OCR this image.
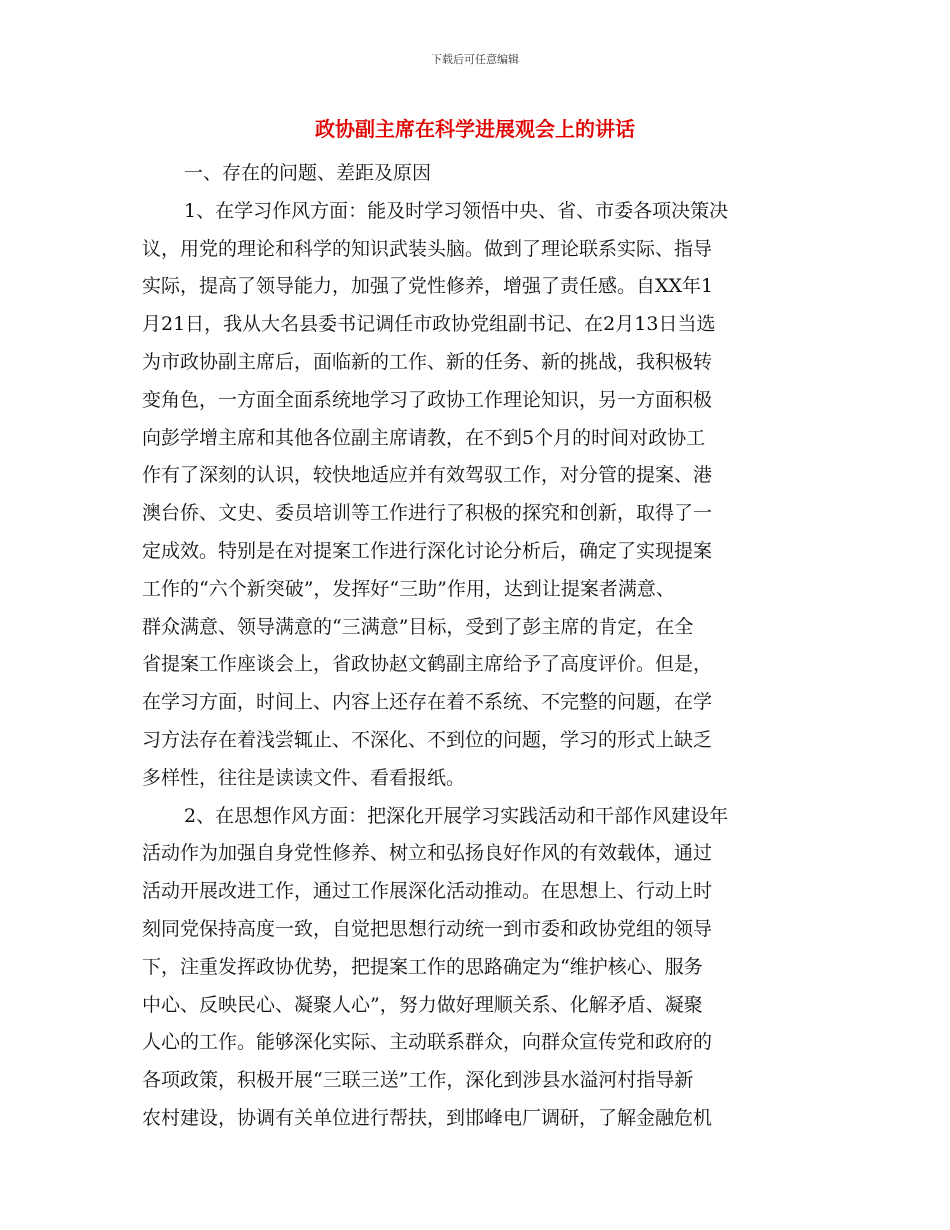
下载后可任意编辑
政协副主席在科学进展观会上的讲话
一、存在的问题、差距及原因
1、在学习作风方面：能及时学习领悟中央、省、市委各项决策决
议，用党的理论和科学的知识武装头脑。做到了理论联系实际、指导
实际，提高了领导能力，加强了党性修养，增强了责任感。自XX年1
月21日，我从大名县委书记调任市政协党组副书记、在2月13日当选
为市政协副主席后，面临新的工作、新的任务、新的挑战，我积极转
变角色，一方面全面系统地学习了政协工作理论知识，另一方面积极
向彭学增主席和其他各位副主席请教，在不到5个月的时间对政协工
作有了深刻的认识，较快地适应并有效驾驭工作，对分管的提案、港
澳台侨、文史、委员培训等工作进行了积极的探究和创新，取得了一
定成效。特别是在对提案工作进行深化讨论分析后，确定了实现提案
工作的“六个新突破”，发挥好“三助”作用，达到让提案者满意、
群众满意、领导满意的“三满意”目标，受到了彭主席的肯定，在全
省提案工作座谈会上，省政协赵文鹤副主席给予了高度评价。但是，
在学习方面，时间上、内容上还存在着不系统、不完整的问题，在学
习方法存在着浅尝辄止、不深化、不到位的问题，学习的形式上缺乏
多样性，往往是读读文件、看看报纸。
2、在思想作风方面：把深化开展学习实践活动和干部作风建设年
活动作为加强自身党性修养、树立和弘扬良好作风的有效载体，通过
活动开展改进工作，通过工作展深化活动推动。在思想上、行动上时
刻同党保持高度一致，自觉把思想行动统一到市委和政协党组的领导
下，注重发挥政协优势，把提案工作的思路确定为“维护核心、服务
中心、反映民心、凝聚人心”，努力做好理顺关系、化解矛盾、凝聚
人心的工作。能够深化实际、主动联系群众，向群众宣传党和政府的
各项政策，积极开展“三联三送”工作，深化到涉县水溢河村指导新
农村建设，协调有关单位进行帮扶，到邯峰电厂调研，了解金融危机
